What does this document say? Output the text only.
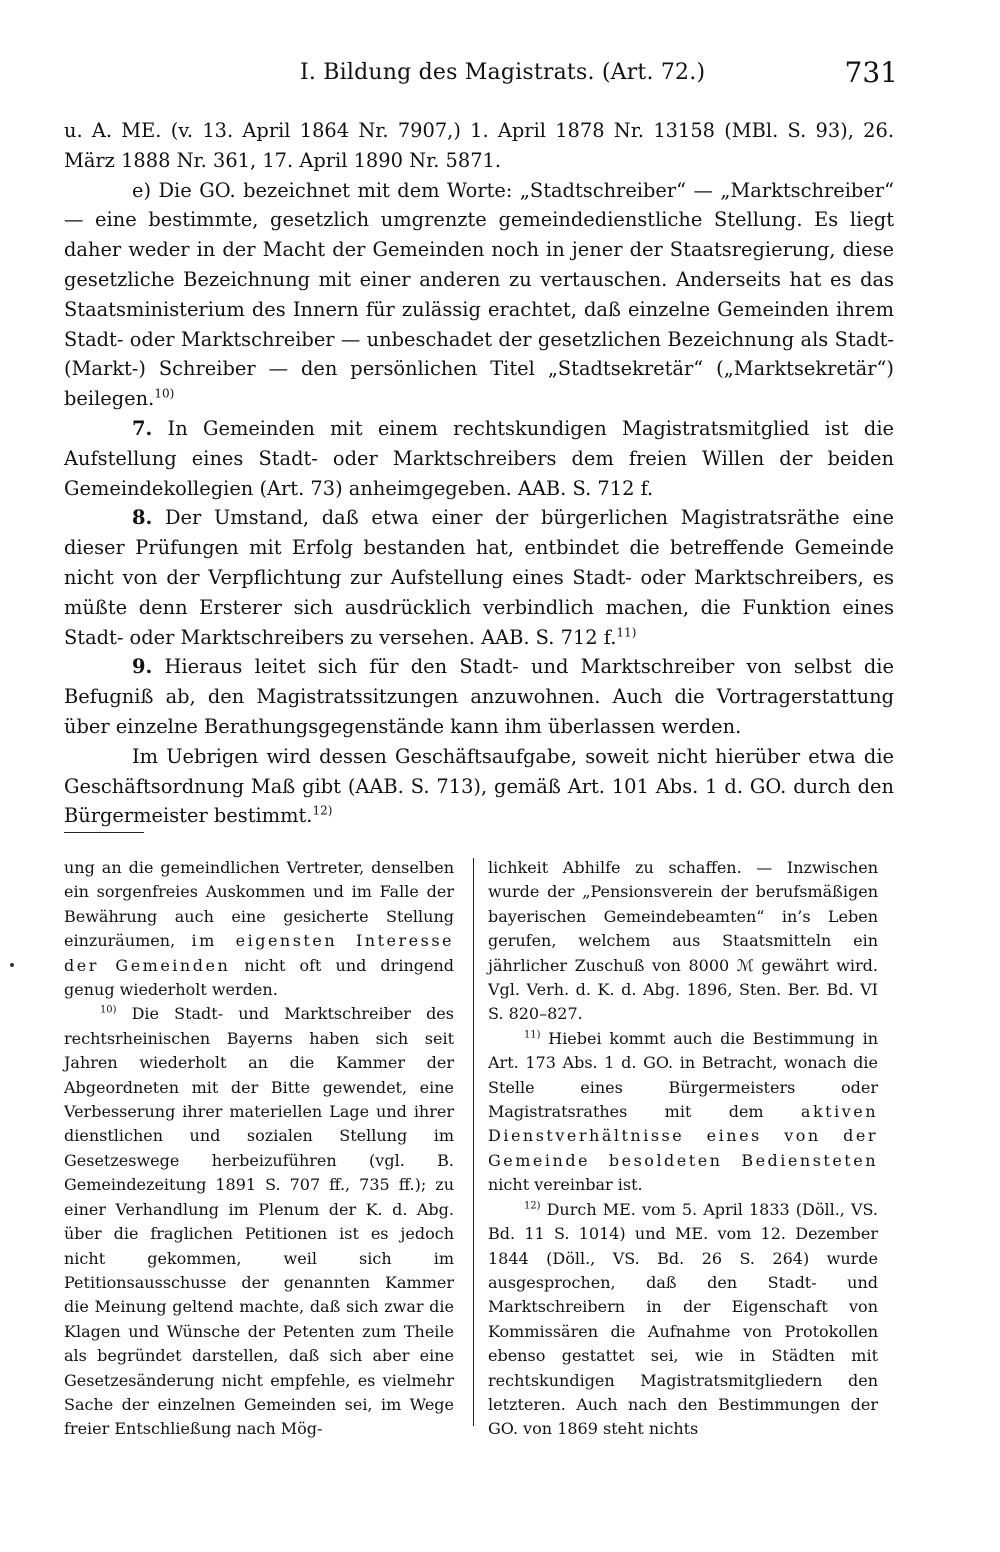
I. Bildung des Magistrats. (Art. 72.)	731

u. A. ME. (v. 13. April 1864 Nr. 7907,) 1. April 1878 Nr. 13158 (MBl. S. 93), 26. März 1888 Nr. 361, 17. April 1890 Nr. 5871.

e) Die GO. bezeichnet mit dem Worte: „Stadtschreiber“ — „Marktschreiber“ — eine bestimmte, gesetzlich umgrenzte gemeindedienstliche Stellung. Es liegt daher weder in der Macht der Gemeinden noch in jener der Staatsregierung, diese gesetzliche Bezeichnung mit einer anderen zu vertauschen. Anderseits hat es das Staatsministerium des Innern für zulässig erachtet, daß einzelne Gemeinden ihrem Stadt- oder Marktschreiber — unbeschadet der gesetzlichen Bezeichnung als Stadt- (Markt-) Schreiber — den persönlichen Titel „Stadtsekretär“ („Marktsekretär“) beilegen.$^{10)}$

7. In Gemeinden mit einem rechtskundigen Magistratsmitglied ist die Aufstellung eines Stadt- oder Marktschreibers dem freien Willen der beiden Gemeindekollegien (Art. 73) anheimgegeben. AAB. S. 712 f.

8. Der Umstand, daß etwa einer der bürgerlichen Magistratsräthe eine dieser Prüfungen mit Erfolg bestanden hat, entbindet die betreffende Gemeinde nicht von der Verpflichtung zur Aufstellung eines Stadt- oder Marktschreibers, es müßte denn Ersterer sich ausdrücklich verbindlich machen, die Funktion eines Stadt- oder Marktschreibers zu versehen. AAB. S. 712 f.$^{11)}$

9. Hieraus leitet sich für den Stadt- und Marktschreiber von selbst die Befugniß ab, den Magistratssitzungen anzuwohnen. Auch die Vortragerstattung über einzelne Berathungsgegenstände kann ihm überlassen werden.

Im Uebrigen wird dessen Geschäftsaufgabe, soweit nicht hierüber etwa die Geschäftsordnung Maß gibt (AAB. S. 713), gemäß Art. 101 Abs. 1 d. GO. durch den Bürgermeister bestimmt.$^{12)}$

ung an die gemeindlichen Vertreter, denselben ein sorgenfreies Auskommen und im Falle der Bewährung auch eine gesicherte Stellung einzuräumen, im eigensten Interesse der Gemeinden nicht oft und dringend genug wiederholt werden.

$^{10)}$ Die Stadt- und Marktschreiber des rechtsrheinischen Bayerns haben sich seit Jahren wiederholt an die Kammer der Abgeordneten mit der Bitte gewendet, eine Verbesserung ihrer materiellen Lage und ihrer dienstlichen und sozialen Stellung im Gesetzeswege herbeizuführen (vgl. B. Gemeindezeitung 1891 S. 707 ff., 735 ff.); zu einer Verhandlung im Plenum der K. d. Abg. über die fraglichen Petitionen ist es jedoch nicht gekommen, weil sich im Petitionsausschusse der genannten Kammer die Meinung geltend machte, daß sich zwar die Klagen und Wünsche der Petenten zum Theile als begründet darstellen, daß sich aber eine Gesetzesänderung nicht empfehle, es vielmehr Sache der einzelnen Gemeinden sei, im Wege freier Entschließung nach Mög-

lichkeit Abhilfe zu schaffen. — Inzwischen wurde der „Pensionsverein der berufsmäßigen bayerischen Gemeindebeamten“ in’s Leben gerufen, welchem aus Staatsmitteln ein jährlicher Zuschuß von 8000 ℳ gewährt wird. Vgl. Verh. d. K. d. Abg. 1896, Sten. Ber. Bd. VI S. 820–827.

$^{11)}$ Hiebei kommt auch die Bestimmung in Art. 173 Abs. 1 d. GO. in Betracht, wonach die Stelle eines Bürgermeisters oder Magistratsrathes mit dem aktiven Dienstverhältnisse eines von der Gemeinde besoldeten Bediensteten nicht vereinbar ist.

$^{12)}$ Durch ME. vom 5. April 1833 (Döll., VS. Bd. 11 S. 1014) und ME. vom 12. Dezember 1844 (Döll., VS. Bd. 26 S. 264) wurde ausgesprochen, daß den Stadt- und Marktschreibern in der Eigenschaft von Kommissären die Aufnahme von Protokollen ebenso gestattet sei, wie in Städten mit rechtskundigen Magistratsmitgliedern den letzteren. Auch nach den Bestimmungen der GO. von 1869 steht nichts
